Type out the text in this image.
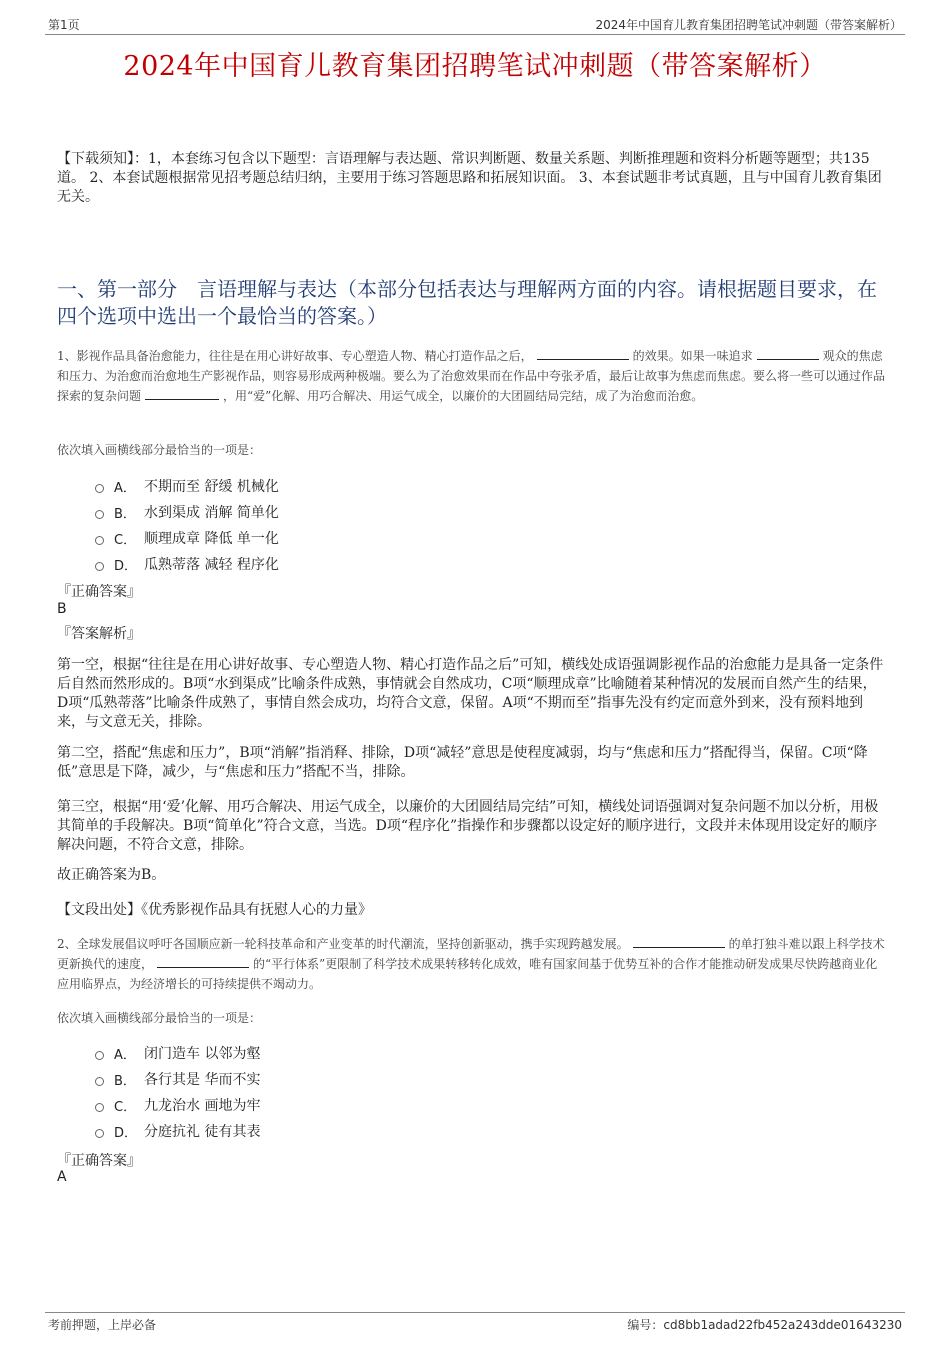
第1页	2024年中国育儿教育集团招聘笔试冲刺题（带答案解析）
2024年中国育儿教育集团招聘笔试冲刺题（带答案解析）
【下载须知】：1，本套练习包含以下题型：言语理解与表达题、常识判断题、数量关系题、判断推理题和资料分析题等题型；共135道。 2、本套试题根据常见招考题总结归纳，主要用于练习答题思路和拓展知识面。 3、本套试题非考试真题，且与中国育儿教育集团无关。
一、第一部分　言语理解与表达（本部分包括表达与理解两方面的内容。请根据题目要求，在四个选项中选出一个最恰当的答案。）
1、影视作品具备治愈能力，往往是在用心讲好故事、专心塑造人物、精心打造作品之后，	的效果。如果一味追求	观众的焦虑和压力、为治愈而治愈地生产影视作品，则容易形成两种极端。要么为了治愈效果而在作品中夸张矛盾，最后让故事为焦虑而焦虑。要么将一些可以通过作品探索的复杂问题	，用“爱”化解、用巧合解决、用运气成全，以廉价的大团圆结局完结，成了为治愈而治愈。
依次填入画横线部分最恰当的一项是：
A． 不期而至 舒缓 机械化
B． 水到渠成 消解 简单化
C． 顺理成章 降低 单一化
D． 瓜熟蒂落 减轻 程序化
『正确答案』
B
『答案解析』

第一空，根据“往往是在用心讲好故事、专心塑造人物、精心打造作品之后”可知，横线处成语强调影视作品的治愈能力是具备一定条件后自然而然形成的。B项“水到渠成”比喻条件成熟，事情就会自然成功，C项“顺理成章”比喻随着某种情况的发展而自然产生的结果，D项“瓜熟蒂落”比喻条件成熟了，事情自然会成功，均符合文意，保留。A项“不期而至”指事先没有约定而意外到来，没有预料地到来，与文意无关，排除。

第二空，搭配“焦虑和压力”，B项“消解”指消释、排除，D项“减轻”意思是使程度减弱，均与“焦虑和压力”搭配得当，保留。C项“降低”意思是下降，减少，与“焦虑和压力”搭配不当，排除。

第三空，根据“用‘爱’化解、用巧合解决、用运气成全，以廉价的大团圆结局完结”可知，横线处词语强调对复杂问题不加以分析，用极其简单的手段解决。B项“简单化”符合文意，当选。D项“程序化”指操作和步骤都以设定好的顺序进行，文段并未体现用设定好的顺序解决问题，不符合文意，排除。

故正确答案为B。

【文段出处】《优秀影视作品具有抚慰人心的力量》

2、全球发展倡议呼吁各国顺应新一轮科技革命和产业变革的时代潮流，坚持创新驱动，携手实现跨越发展。	的单打独斗难以跟上科学技术更新换代的速度，	的“平行体系”更限制了科学技术成果转移转化成效，唯有国家间基于优势互补的合作才能推动研发成果尽快跨越商业化应用临界点，为经济增长的可持续提供不竭动力。
依次填入画横线部分最恰当的一项是：
A． 闭门造车 以邻为壑
B． 各行其是 华而不实
C． 九龙治水 画地为牢
D． 分庭抗礼 徒有其表
『正确答案』
A
考前押题，上岸必备	编号：cd8bb1adad22fb452a243dde01643230
